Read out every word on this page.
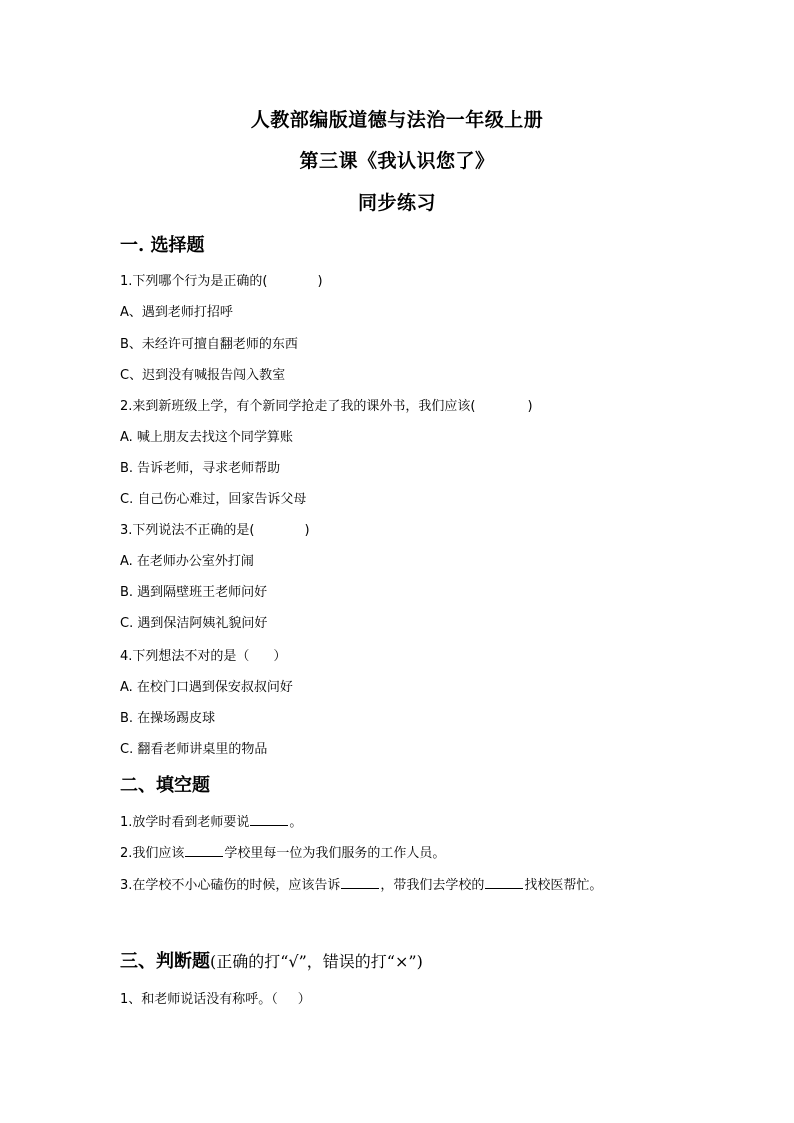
人教部编版道德与法治一年级上册
第三课《我认识您了》
同步练习
一. 选择题
1.下列哪个行为是正确的(	)
A、遇到老师打招呼
B、未经许可擅自翻老师的东西
C、迟到没有喊报告闯入教室
2.来到新班级上学，有个新同学抢走了我的课外书，我们应该(	)
A. 喊上朋友去找这个同学算账
B. 告诉老师，寻求老师帮助
C. 自己伤心难过，回家告诉父母
3.下列说法不正确的是(	)
A. 在老师办公室外打闹
B. 遇到隔壁班王老师问好
C. 遇到保洁阿姨礼貌问好
4.下列想法不对的是（ ）
A. 在校门口遇到保安叔叔问好
B. 在操场踢皮球
C. 翻看老师讲桌里的物品
二、填空题
1.放学时看到老师要说	。
2.我们应该	学校里每一位为我们服务的工作人员。
3.在学校不小心磕伤的时候，应该告诉	，带我们去学校的	找校医帮忙。
三、判断题(正确的打“√”，错误的打“×”)
1、和老师说话没有称呼。（ ）
